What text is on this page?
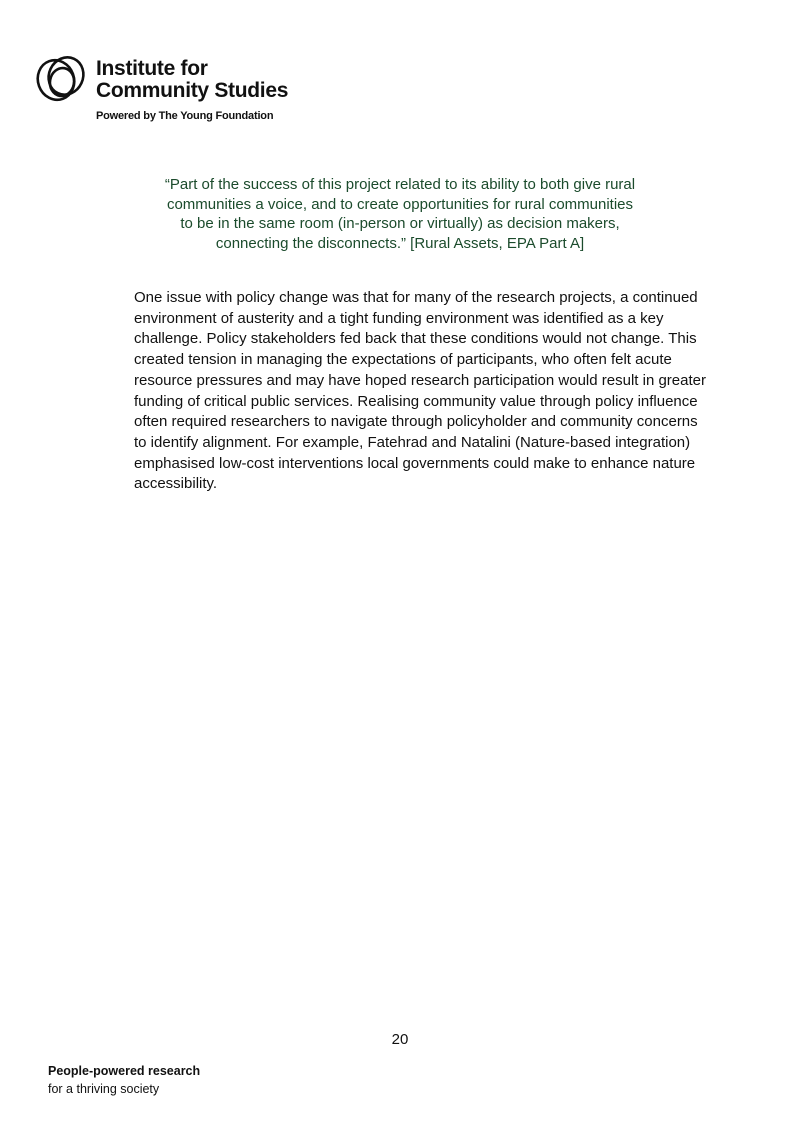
Institute for
Community Studies
Powered by The Young Foundation
“Part of the success of this project related to its ability to both give rural communities a voice, and to create opportunities for rural communities to be in the same room (in-person or virtually) as decision makers, connecting the disconnects.” [Rural Assets, EPA Part A]
One issue with policy change was that for many of the research projects, a continued environment of austerity and a tight funding environment was identified as a key challenge. Policy stakeholders fed back that these conditions would not change. This created tension in managing the expectations of participants, who often felt acute resource pressures and may have hoped research participation would result in greater funding of critical public services. Realising community value through policy influence often required researchers to navigate through policyholder and community concerns to identify alignment. For example, Fatehrad and Natalini (Nature-based integration) emphasised low-cost interventions local governments could make to enhance nature accessibility.
20
People-powered research
for a thriving society
